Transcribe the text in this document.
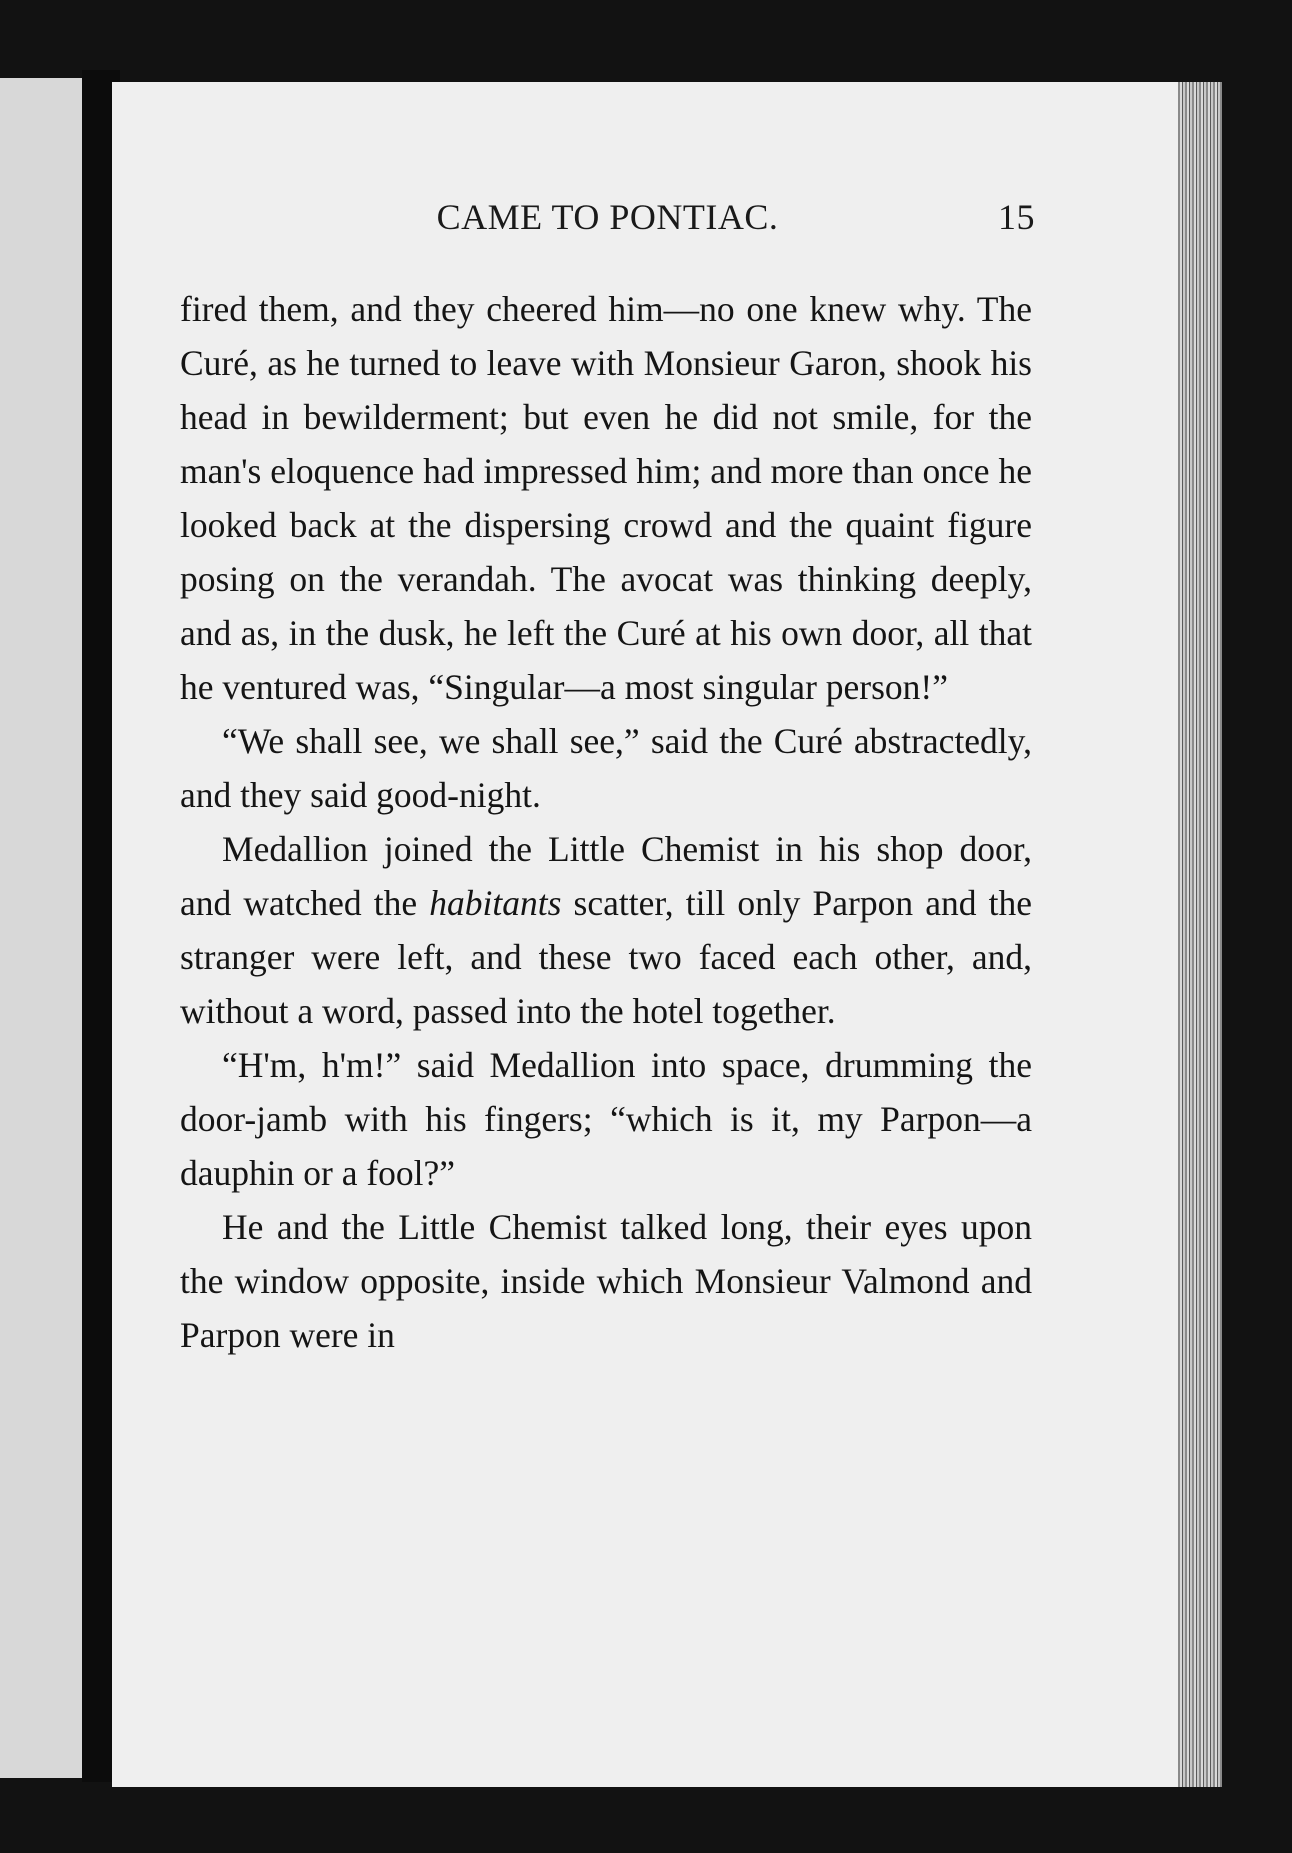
CAME TO PONTIAC.	15

fired them, and they cheered him—no one knew why. The Curé, as he turned to leave with Monsieur Garon, shook his head in bewilderment; but even he did not smile, for the man's eloquence had impressed him; and more than once he looked back at the dispersing crowd and the quaint figure posing on the verandah. The avocat was thinking deeply, and as, in the dusk, he left the Curé at his own door, all that he ventured was, “Singular—a most singular person!”

“We shall see, we shall see,” said the Curé abstractedly, and they said good-night.

Medallion joined the Little Chemist in his shop door, and watched the habitants scatter, till only Parpon and the stranger were left, and these two faced each other, and, without a word, passed into the hotel together.

“H'm, h'm!” said Medallion into space, drumming the door-jamb with his fingers; “which is it, my Parpon—a dauphin or a fool?”

He and the Little Chemist talked long, their eyes upon the window opposite, inside which Monsieur Valmond and Parpon were in
